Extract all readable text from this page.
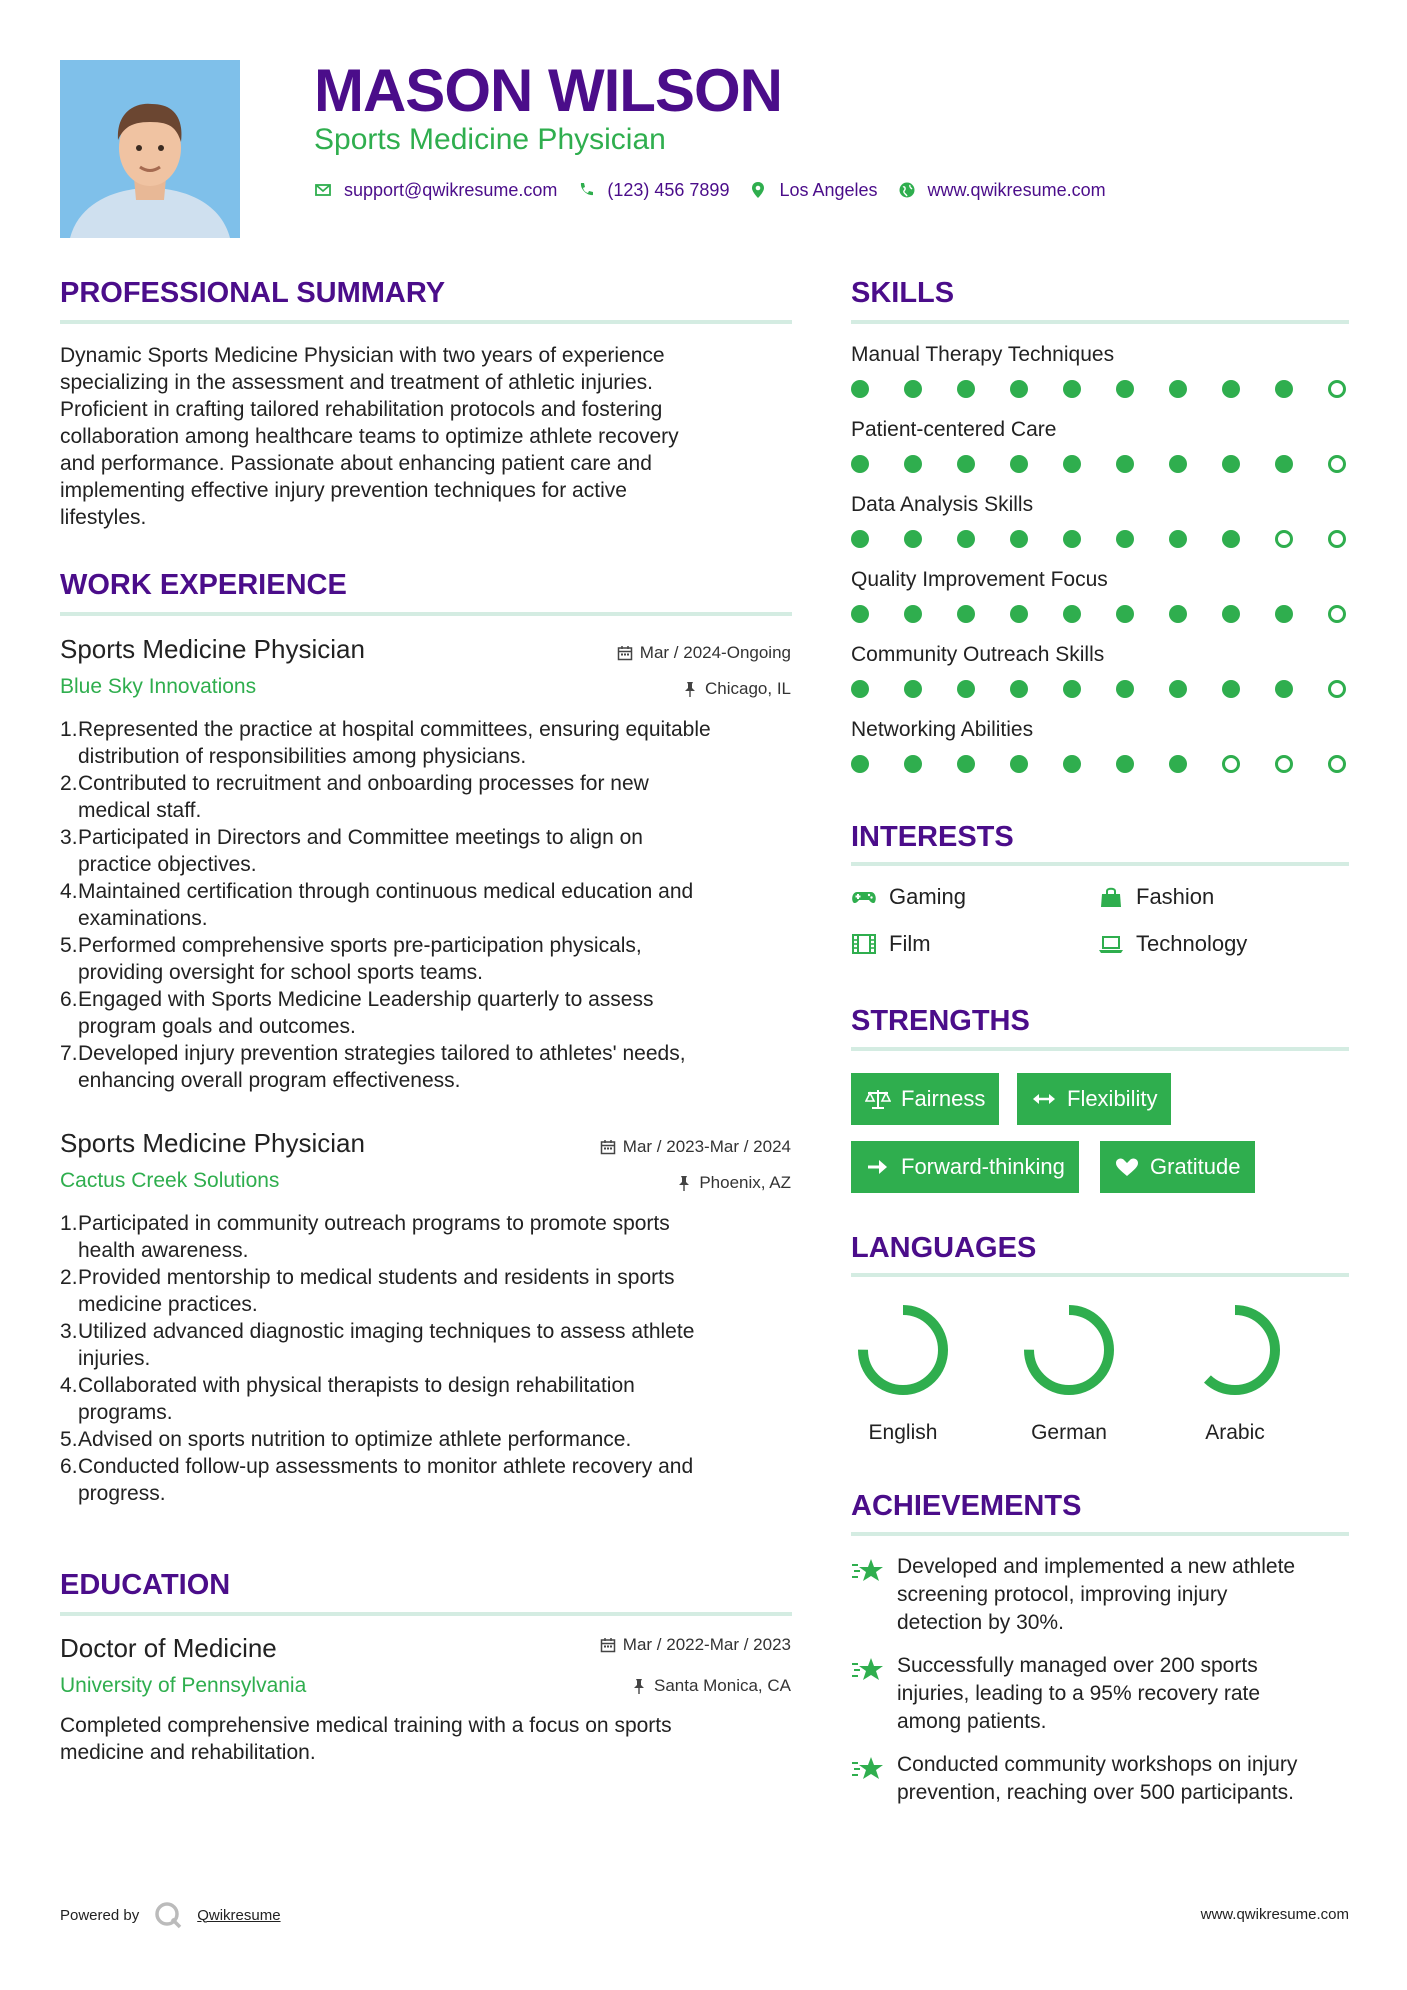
MASON WILSON
Sports Medicine Physician
support@qwikresume.com	(123) 456 7899	Los Angeles	www.qwikresume.com
PROFESSIONAL SUMMARY
Dynamic Sports Medicine Physician with two years of experience
specializing in the assessment and treatment of athletic injuries.
Proficient in crafting tailored rehabilitation protocols and fostering
collaboration among healthcare teams to optimize athlete recovery
and performance. Passionate about enhancing patient care and
implementing effective injury prevention techniques for active
lifestyles.
WORK EXPERIENCE
Sports Medicine Physician	Mar / 2024-Ongoing
Blue Sky Innovations	Chicago, IL
Represented the practice at hospital committees, ensuring equitable
distribution of responsibilities among physicians.
Contributed to recruitment and onboarding processes for new
medical staff.
Participated in Directors and Committee meetings to align on
practice objectives.
Maintained certification through continuous medical education and
examinations.
Performed comprehensive sports pre-participation physicals,
providing oversight for school sports teams.
Engaged with Sports Medicine Leadership quarterly to assess
program goals and outcomes.
Developed injury prevention strategies tailored to athletes' needs,
enhancing overall program effectiveness.
Sports Medicine Physician	Mar / 2023-Mar / 2024
Cactus Creek Solutions	Phoenix, AZ
Participated in community outreach programs to promote sports
health awareness.
Provided mentorship to medical students and residents in sports
medicine practices.
Utilized advanced diagnostic imaging techniques to assess athlete
injuries.
Collaborated with physical therapists to design rehabilitation
programs.
Advised on sports nutrition to optimize athlete performance.
Conducted follow-up assessments to monitor athlete recovery and
progress.
EDUCATION
Doctor of Medicine	Mar / 2022-Mar / 2023
University of Pennsylvania	Santa Monica, CA
Completed comprehensive medical training with a focus on sports
medicine and rehabilitation.
SKILLS
Manual Therapy Techniques
Patient-centered Care
Data Analysis Skills
Quality Improvement Focus
Community Outreach Skills
Networking Abilities
INTERESTS
Gaming	Fashion
Film	Technology
STRENGTHS
Fairness	Flexibility
Forward-thinking	Gratitude
LANGUAGES
English	German	Arabic
ACHIEVEMENTS
Developed and implemented a new athlete
screening protocol, improving injury
detection by 30%.
Successfully managed over 200 sports
injuries, leading to a 95% recovery rate
among patients.
Conducted community workshops on injury
prevention, reaching over 500 participants.
Powered by	Qwikresume	www.qwikresume.com
